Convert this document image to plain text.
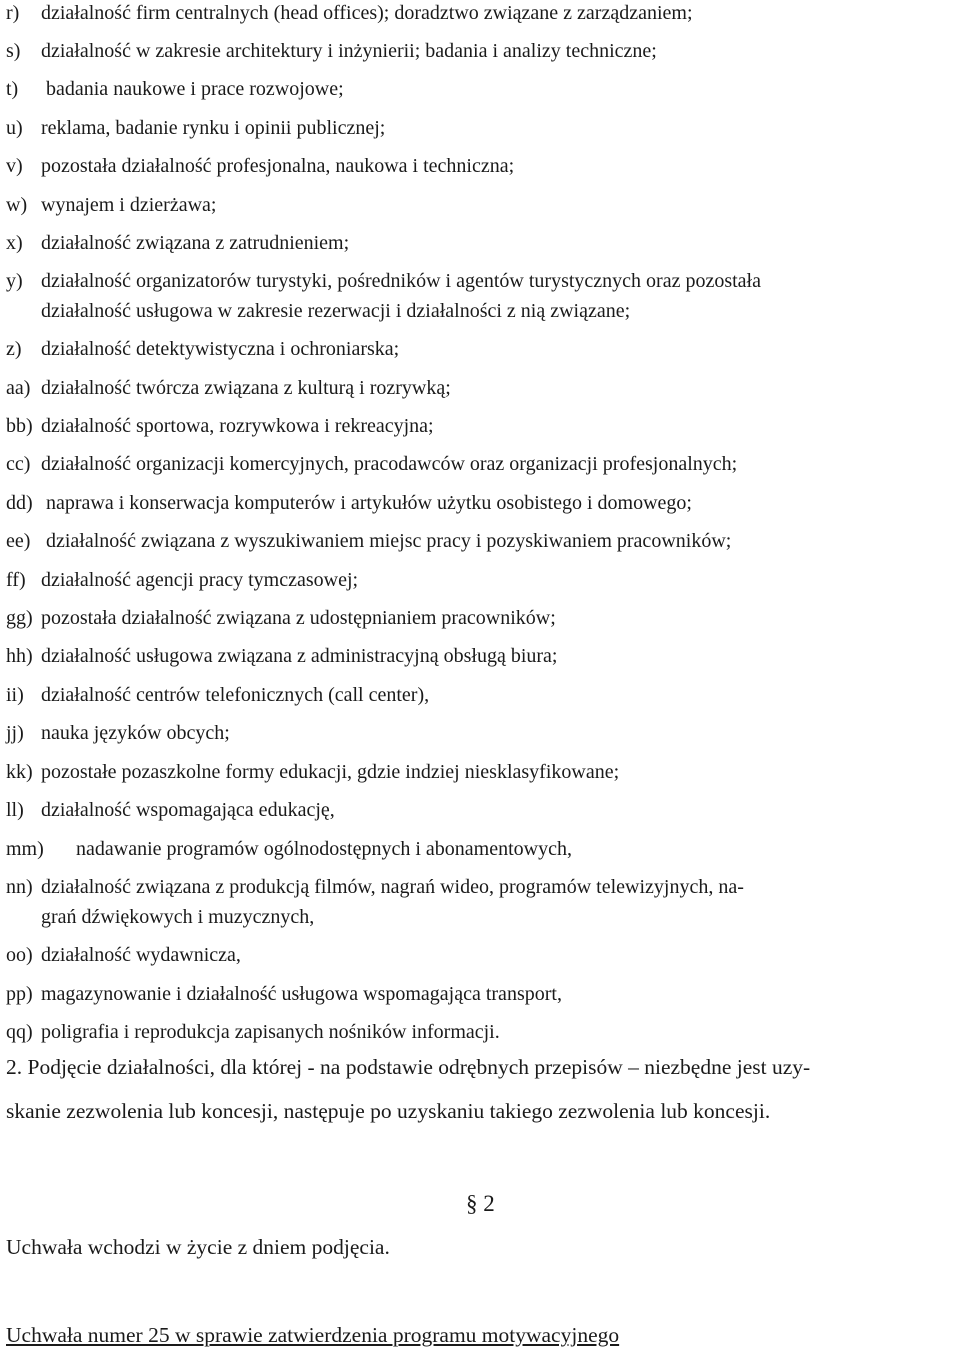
r) działalność firm centralnych (head offices); doradztwo związane z zarządzaniem;
s) działalność w zakresie architektury i inżynierii; badania i analizy techniczne;
t) badania naukowe i prace rozwojowe;
u) reklama, badanie rynku i opinii publicznej;
v) pozostała działalność profesjonalna, naukowa i techniczna;
w) wynajem i dzierżawa;
x) działalność związana z zatrudnieniem;
y) działalność organizatorów turystyki, pośredników i agentów turystycznych oraz pozostała
działalność usługowa w zakresie rezerwacji i działalności z nią związane;
z) działalność detektywistyczna i ochroniarska;
aa) działalność twórcza związana z kulturą i rozrywką;
bb) działalność sportowa, rozrywkowa i rekreacyjna;
cc) działalność organizacji komercyjnych, pracodawców oraz organizacji profesjonalnych;
dd) naprawa i konserwacja komputerów i artykułów użytku osobistego i domowego;
ee) działalność związana z wyszukiwaniem miejsc pracy i pozyskiwaniem pracowników;
ff) działalność agencji pracy tymczasowej;
gg) pozostała działalność związana z udostępnianiem pracowników;
hh) działalność usługowa związana z administracyjną obsługą biura;
ii) działalność centrów telefonicznych (call center),
jj) nauka języków obcych;
kk) pozostałe pozaszkolne formy edukacji, gdzie indziej niesklasyfikowane;
ll) działalność wspomagająca edukację,
mm) nadawanie programów ogólnodostępnych i abonamentowych,
nn) działalność związana z produkcją filmów, nagrań wideo, programów telewizyjnych, na-
grań dźwiękowych i muzycznych,
oo) działalność wydawnicza,
pp) magazynowanie i działalność usługowa wspomagająca transport,
qq) poligrafia i reprodukcja zapisanych nośników informacji.
2. Podjęcie działalności, dla której - na podstawie odrębnych przepisów – niezbędne jest uzy-
skanie zezwolenia lub koncesji, następuje po uzyskaniu takiego zezwolenia lub koncesji.
§ 2
Uchwała wchodzi w życie z dniem podjęcia.
Uchwała numer 25 w sprawie zatwierdzenia programu motywacyjnego
